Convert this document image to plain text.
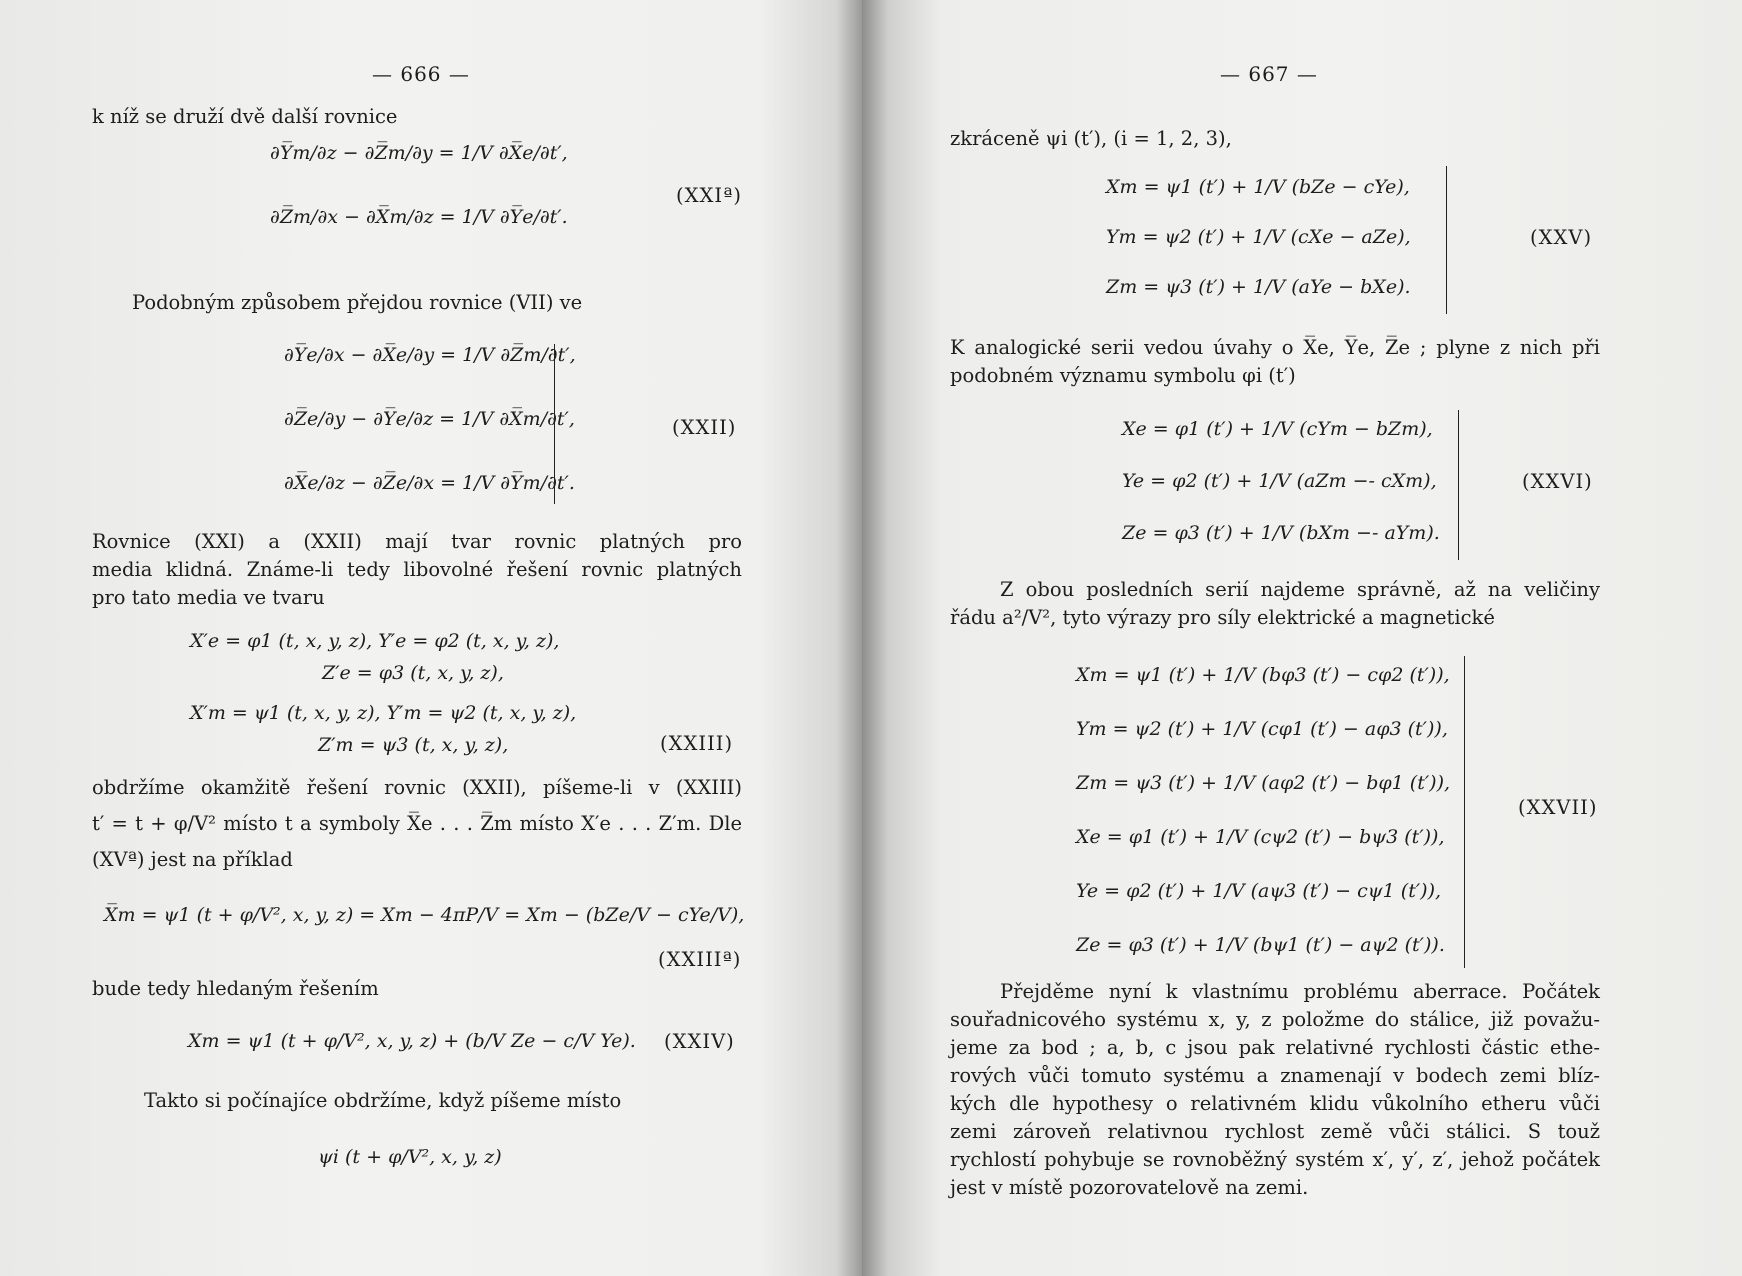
— 666 —
k níž se druží dvě další rovnice
∂Y̅m/∂z − ∂Z̅m/∂y = 1/V ∂X̅e/∂t′,
∂Z̅m/∂x − ∂X̅m/∂z = 1/V ∂Y̅e/∂t′.
(XXIª)
Podobným způsobem přejdou rovnice (VII) ve
∂Y̅e/∂x − ∂X̅e/∂y = 1/V ∂Z̅m/∂t′,
∂Z̅e/∂y − ∂Y̅e/∂z = 1/V ∂X̅m/∂t′,
∂X̅e/∂z − ∂Z̅e/∂x = 1/V ∂Y̅m/∂t′.
(XXII)
Rovnice (XXI) a (XXII) mají tvar rovnic platných pro
media klidná. Známe-li tedy libovolné řešení rovnic platných
pro tato media ve tvaru
X′e = φ1 (t, x, y, z), Y′e = φ2 (t, x, y, z),
Z′e = φ3 (t, x, y, z),
X′m = ψ1 (t, x, y, z), Y′m = ψ2 (t, x, y, z),
Z′m = ψ3 (t, x, y, z),	(XXIII)
obdržíme okamžitě řešení rovnic (XXII), píšeme-li v (XXIII)
t′ = t + φ/V² místo t a symboly X̅e . . . Z̅m místo X′e . . . Z′m. Dle
(XVª) jest na příklad
X̅m = ψ1 (t + φ/V², x, y, z) = Xm − 4πP/V = Xm − (bZe/V − cYe/V),
(XXIIIª)
bude tedy hledaným řešením
Xm = ψ1 (t + φ/V², x, y, z) + (b/V Ze − c/V Ye). (XXIV)
Takto si počínajíce obdržíme, když píšeme místo
ψi (t + φ/V², x, y, z)
— 667 —
zkráceně ψi (t′), (i = 1, 2, 3),
Xm = ψ1 (t′) + 1/V (bZe − cYe),
Ym = ψ2 (t′) + 1/V (cXe − aZe),
Zm = ψ3 (t′) + 1/V (aYe − bXe).
(XXV)
K analogické serii vedou úvahy o X̅e, Y̅e, Z̅e ; plyne z nich při
podobném významu symbolu φi (t′)
Xe = φ1 (t′) + 1/V (cYm − bZm),
Ye = φ2 (t′) + 1/V (aZm −- cXm),
Ze = φ3 (t′) + 1/V (bXm −- aYm).
(XXVI)
Z obou posledních serií najdeme správně, až na veličiny
řádu a²/V², tyto výrazy pro síly elektrické a magnetické
Xm = ψ1 (t′) + 1/V (bφ3 (t′) − cφ2 (t′)),
Ym = ψ2 (t′) + 1/V (cφ1 (t′) − aφ3 (t′)),
Zm = ψ3 (t′) + 1/V (aφ2 (t′) − bφ1 (t′)),
Xe = φ1 (t′) + 1/V (cψ2 (t′) − bψ3 (t′)),
Ye = φ2 (t′) + 1/V (aψ3 (t′) − cψ1 (t′)),
Ze = φ3 (t′) + 1/V (bψ1 (t′) − aψ2 (t′)).
(XXVII)
Přejděme nyní k vlastnímu problému aberrace. Počátek
souřadnicového systému x, y, z položme do stálice, již považu-
jeme za bod ; a, b, c jsou pak relativné rychlosti částic ethe-
rových vůči tomuto systému a znamenají v bodech zemi blíz-
kých dle hypothesy o relativném klidu vůkolního etheru vůči
zemi zároveň relativnou rychlost země vůči stálici. S touž
rychlostí pohybuje se rovnoběžný systém x′, y′, z′, jehož počátek
jest v místě pozorovatelově na zemi.
